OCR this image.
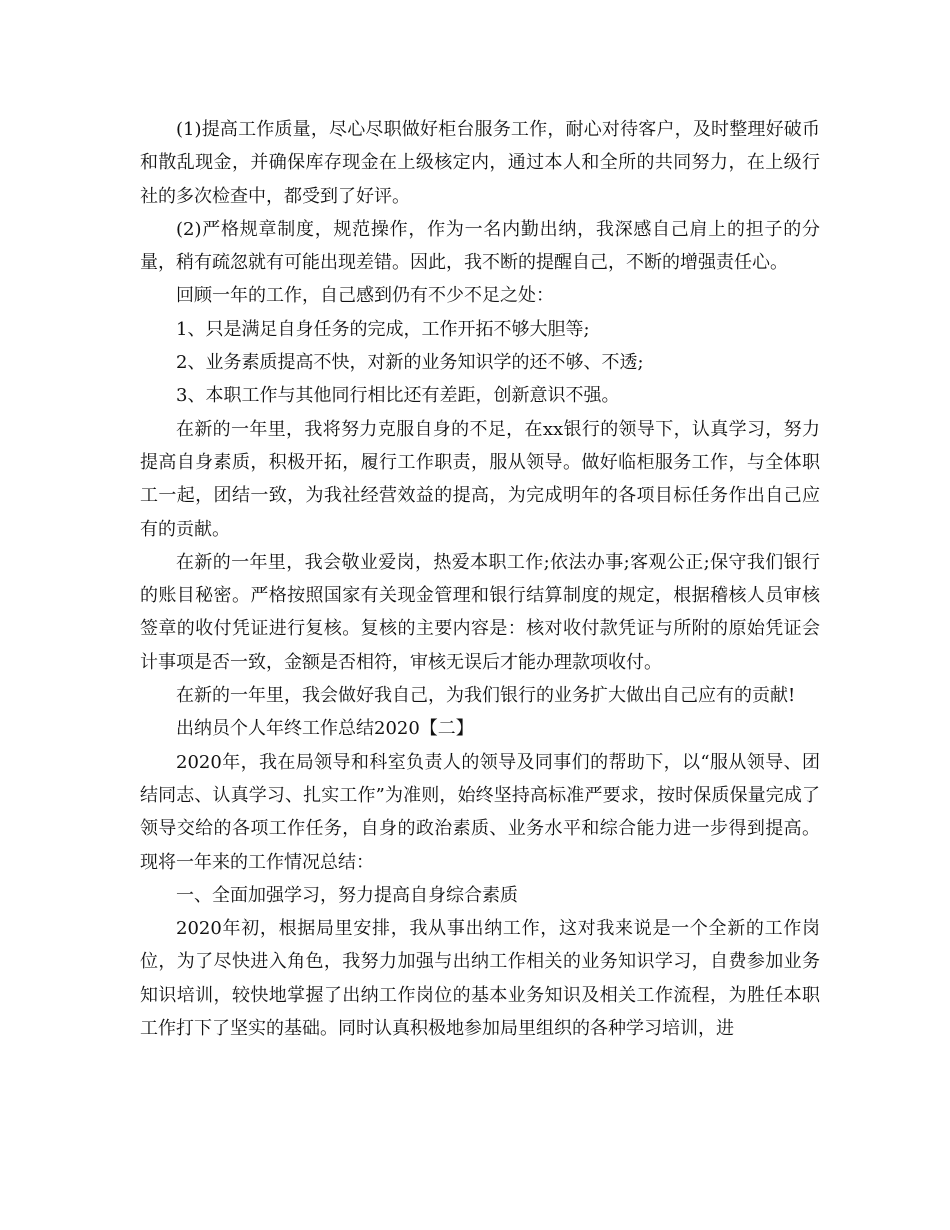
(1)提高工作质量，尽心尽职做好柜台服务工作，耐心对待客户，及时整理好破币和散乱现金，并确保库存现金在上级核定内，通过本人和全所的共同努力，在上级行社的多次检查中，都受到了好评。

(2)严格规章制度，规范操作，作为一名内勤出纳，我深感自己肩上的担子的分量，稍有疏忽就有可能出现差错。因此，我不断的提醒自己，不断的增强责任心。

回顾一年的工作，自己感到仍有不少不足之处：

1、只是满足自身任务的完成，工作开拓不够大胆等;

2、业务素质提高不快，对新的业务知识学的还不够、不透;

3、本职工作与其他同行相比还有差距，创新意识不强。

在新的一年里，我将努力克服自身的不足，在xx银行的领导下，认真学习，努力提高自身素质，积极开拓，履行工作职责，服从领导。做好临柜服务工作，与全体职工一起，团结一致，为我社经营效益的提高，为完成明年的各项目标任务作出自己应有的贡献。

在新的一年里，我会敬业爱岗，热爱本职工作;依法办事;客观公正;保守我们银行的账目秘密。严格按照国家有关现金管理和银行结算制度的规定，根据稽核人员审核签章的收付凭证进行复核。复核的主要内容是：核对收付款凭证与所附的原始凭证会计事项是否一致，金额是否相符，审核无误后才能办理款项收付。

在新的一年里，我会做好我自己，为我们银行的业务扩大做出自己应有的贡献!

出纳员个人年终工作总结2020【二】

2020年，我在局领导和科室负责人的领导及同事们的帮助下，以“服从领导、团结同志、认真学习、扎实工作”为准则，始终坚持高标准严要求，按时保质保量完成了领导交给的各项工作任务，自身的政治素质、业务水平和综合能力进一步得到提高。现将一年来的工作情况总结：

一、全面加强学习，努力提高自身综合素质

2020年初，根据局里安排，我从事出纳工作，这对我来说是一个全新的工作岗位，为了尽快进入角色，我努力加强与出纳工作相关的业务知识学习，自费参加业务知识培训，较快地掌握了出纳工作岗位的基本业务知识及相关工作流程，为胜任本职工作打下了坚实的基础。同时认真积极地参加局里组织的各种学习培训，进
